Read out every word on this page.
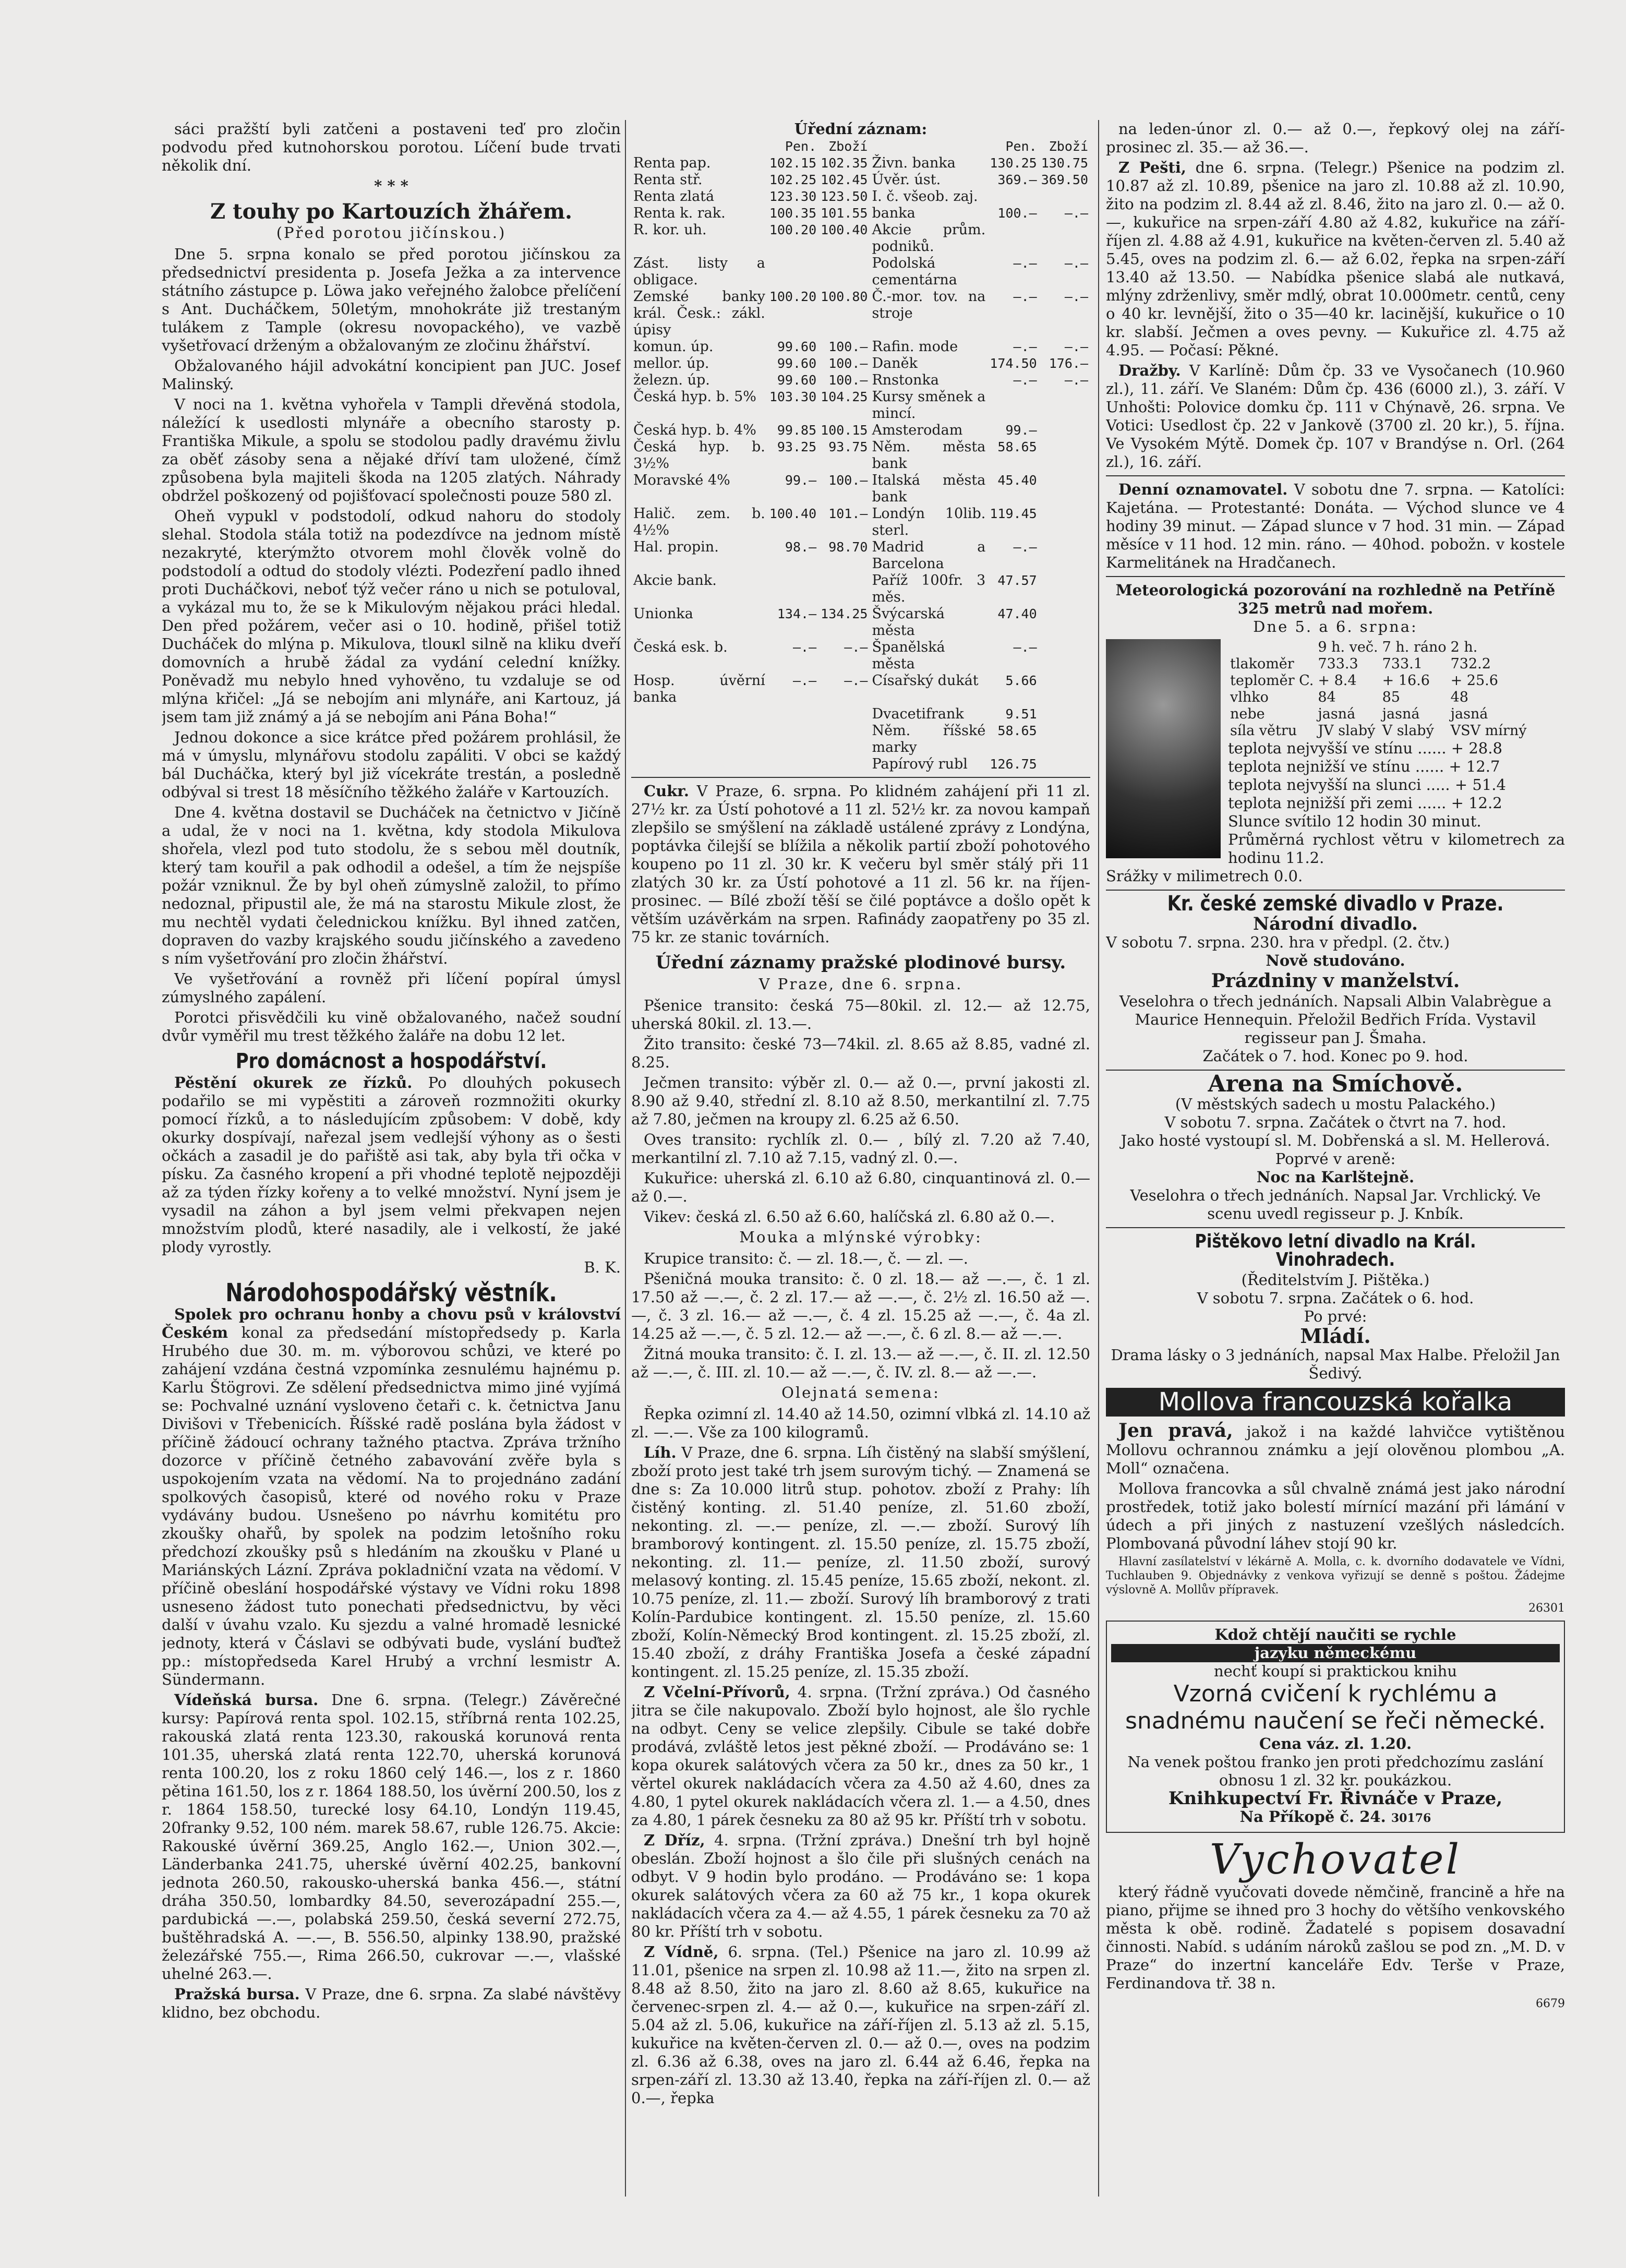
sáci pražští byli zatčeni a postaveni teď pro zločin podvodu před kutnohorskou porotou. Líčení bude trvati několik dní.

* * *
Z touhy po Kartouzích žhářem.
(Před porotou jičínskou.)

Dne 5. srpna konalo se před porotou jičínskou za předsednictví presidenta p. Josefa Ježka a za intervence státního zástupce p. Löwa jako veřejného žalobce přelíčení s Ant. Ducháčkem, 50letým, mnohokráte již trestaným tulákem z Tample (okresu novopackého), ve vazbě vyšetřovací drženým a obžalovaným ze zločinu žhářství.

Obžalovaného hájil advokátní koncipient pan JUC. Josef Malinský.

V noci na 1. května vyhořela v Tampli dřevěná stodola, náležící k usedlosti mlynáře a obecního starosty p. Františka Mikule, a spolu se stodolou padly dravému živlu za oběť zásoby sena a nějaké dříví tam uložené, čímž způsobena byla majiteli škoda na 1205 zlatých. Náhrady obdržel poškozený od pojišťovací společnosti pouze 580 zl.

Oheň vypukl v podstodolí, odkud nahoru do stodoly slehal. Stodola stála totiž na podezdívce na jednom místě nezakryté, kterýmžto otvorem mohl člověk volně do podstodolí a odtud do stodoly vlézti. Podezření padlo ihned proti Ducháčkovi, neboť týž večer ráno u nich se potuloval, a vykázal mu to, že se k Mikulovým nějakou práci hledal. Den před požárem, večer asi o 10. hodině, přišel totiž Ducháček do mlýna p. Mikulova, tlouкl silně na kliku dveří domovních a hrubě žádal za vydání celední knížky. Poněvadž mu nebylo hned vyhověno, tu vzdaluje se od mlýna křičel: „Já se nebojím ani mlynáře, ani Kartouz, já jsem tam již známý a já se nebojím ani Pána Boha!“

Jednou dokonce a sice krátce před požárem prohlásil, že má v úmyslu, mlynářovu stodolu zapáliti. V obci se každý bál Ducháčka, který byl již vícekráte trestán, a posledně odbýval si trest 18 měsíčního těžkého žaláře v Kartouzích.

Dne 4. května dostavil se Ducháček na četnictvo v Jičíně a udal, že v noci na 1. května, kdy stodola Mikulova shořela, vlezl pod tuto stodolu, že s sebou měl doutník, který tam kouřil a pak odhodil a odešel, a tím že nejspíše požár vzniknul. Že by byl oheň zúmyslně založil, to přímo nedoznal, připustil ale, že má na starostu Mikule zlost, že mu nechtěl vydati čelednickou knížku. Byl ihned zatčen, dopraven do vazby krajského soudu jičínského a zavedeno s ním vyšetřování pro zločin žhářství.

Ve vyšetřování a rovněž při líčení popíral úmysl zúmyslného zapálení.

Porotci přisvědčili ku vině obžalovaného, načež soudní dvůr vyměřil mu trest těžkého žaláře na dobu 12 let.

Pro domácnost a hospodářství.

Pěstění okurek ze řízků. Po dlouhých pokusech podařilo se mi vypěstiti a zároveň rozmnožiti okurky pomocí řízků, a to následujícím způsobem: V době, kdy okurky dospívají, nařezal jsem vedlejší výhony as o šesti očkách a zasadil je do pařiště asi tak, aby byla tři očka v písku. Za časného kropení a při vhodné teplotě nejpozději až za týden řízky kořeny a to velké množství. Nyní jsem je vysadil na záhon a byl jsem velmi překvapen nejen množstvím plodů, které nasadily, ale i velkostí, že jaké plody vyrostly.

B. K.
Národohospodářský věstník.

Spolek pro ochranu honby a chovu psů v království Českém konal za předsedání místopředsedy p. Karla Hrubého due 30. m. m. výborovou schůzi, ve které po zahájení vzdána čestná vzpomínka zesnulému hajnému p. Karlu Štögrovi. Ze sdělení předsednictva mimo jiné vyjímá se: Pochvalné uznání vysloveno četaři c. k. četnictva Janu Divišovi v Třebenicích. Říšské radě poslána byla žádost v příčině žádoucí ochrany tažného ptactva. Zpráva tržního dozorce v příčině četného zabavování zvěře byla s uspokojením vzata na vědomí. Na to projednáno zadání spolkových časopisů, které od nového roku v Praze vydávány budou. Usnešeno po návrhu komitétu pro zkoušky ohařů, by spolek na podzim letošního roku předchozí zkoušky psů s hledáním na zkoušku v Plané u Mariánských Lázní. Zpráva pokladniční vzata na vědomí. V příčině obeslání hospodářské výstavy ve Vídni roku 1898 usneseno žádost tuto ponechati předsednictvu, by věci další v úvahu vzalo. Ku sjezdu a valné hromadě lesnické jednoty, která v Čáslavi se odbývati bude, vyslání buďtež pp.: místopředseda Karel Hrubý a vrchní lesmistr A. Sündermann.

Vídeňská bursa. Dne 6. srpna. (Telegr.) Závěrečné kursy: Papírová renta spol. 102.15, stříbrná renta 102.25, rakouská zlatá renta 123.30, rakouská korunová renta 101.35, uherská zlatá renta 122.70, uherská korunová renta 100.20, los z roku 1860 celý 146.—, los z r. 1860 pětina 161.50, los z r. 1864 188.50, los úvěrní 200.50, los z r. 1864 158.50, turecké losy 64.10, Londýn 119.45, 20franky 9.52, 100 ném. marek 58.67, ruble 126.75. Akcie: Rakouské úvěrní 369.25, Anglo 162.—, Union 302.—, Länderbanka 241.75, uherské úvěrní 402.25, bankovní jednota 260.50, rakousko-uherská banka 456.—, státní dráha 350.50, lombardky 84.50, severozápadní 255.—, pardubická —.—, polabská 259.50, česká severní 272.75, buštěhradská A. —.—, B. 556.50, alpinky 138.90, pražské železářské 755.—, Rima 266.50, cukrovar —.—, vlašské uhelné 263.—.

Pražská bursa. V Praze, dne 6. srpna. Za slabé návštěvy klidno, bez obchodu.

Úřední záznam:
	Pen.	Zboží		Pen.	Zboží
Renta pap.	102.15	102.35	Živn. banka	130.25	130.75
Renta stř.	102.25	102.45	Úvěr. úst.	369.—	369.50
Renta zlatá	123.30	123.50	I. č. všeob. zaj.		
Renta k. rak.	100.35	101.55	banka	100.—	—.—
R. kor. uh.	100.20	100.40	Akcie prům. podniků.		
Zást. listy a obligace.			Podolská cementárna	—.—	—.—
Zemské banky král. Česk.: zákl. úpisy	100.20	100.80	Č.-mor. tov. na stroje	—.—	—.—
komun. úp.	99.60	100.—	Rafin. mode	—.—	—.—
mellor. úp.	99.60	100.—	Daněk	174.50	176.—
železn. úp.	99.60	100.—	Rnstonka	—.—	—.—
Česká hyp. b. 5%	103.30	104.25	Kursy směnek a mincí.		
Česká hyp. b. 4%	99.85	100.15	Amsterodam	99.—	
Česká hyp. b. 3½%	93.25	93.75	Něm. města bank	58.65	
Moravské 4%	99.—	100.—	Italská města bank	45.40	
Halič. zem. b. 4½%	100.40	101.—	Londýn 10lib. sterl.	119.45	
Hal. propin.	98.—	98.70	Madrid a Barcelona	—.—	
Akcie bank.			Paříž 100fr. 3 měs.	47.57	
Unionka	134.—	134.25	Švýcarská města	47.40	
Česká esk. b.	—.—	—.—	Španělská města	—.—	
Hosp. úvěrní banka	—.—	—.—	Císařský dukát	5.66	
			Dvacetifrank	9.51	
			Něm. říšské marky	58.65	
			Papírový rubl	126.75	

Cukr. V Praze, 6. srpna. Po klidném zahájení při 11 zl. 27½ kr. za Ústí pohotové a 11 zl. 52½ kr. za novou kampaň zlepšilo se smýšlení na základě ustálené zprávy z Londýna, poptávka čilejší se blížila a několik partií zboží pohotového koupeno po 11 zl. 30 kr. K večeru byl směr stálý při 11 zlatých 30 kr. za Ústí pohotové a 11 zl. 56 kr. na říjen-prosinec. — Bílé zboží těší se čilé poptávce a došlo opět k větším uzávěrkám na srpen. Rafinády zaopatřeny po 35 zl. 75 kr. ze stanic továrních.

Úřední záznamy pražské plodinové bursy.
V Praze, dne 6. srpna.

Pšenice transito: česká 75—80kil. zl. 12.— až 12.75, uherská 80kil. zl. 13.—.

Žito transito: české 73—74kil. zl. 8.65 až 8.85, vadné zl. 8.25.

Ječmen transito: výběr zl. 0.— až 0.—, první jakosti zl. 8.90 až 9.40, střední zl. 8.10 až 8.50, merkantilní zl. 7.75 až 7.80, ječmen na kroupy zl. 6.25 až 6.50.

Oves transito: rychlík zl. 0.— , bílý zl. 7.20 až 7.40, merkantilní zl. 7.10 až 7.15, vadný zl. 0.—.

Kukuřice: uherská zl. 6.10 až 6.80, cinquantinová zl. 0.— až 0.—.

Vikev: česká zl. 6.50 až 6.60, halíčská zl. 6.80 až 0.—.

Mouka a mlýnské výrobky:

Krupice transito: č. — zl. 18.—, č. — zl. —.

Pšeničná mouka transito: č. 0 zl. 18.— až —.—, č. 1 zl. 17.50 až —.—, č. 2 zl. 17.— až —.—, č. 2½ zl. 16.50 až —.—, č. 3 zl. 16.— až —.—, č. 4 zl. 15.25 až —.—, č. 4a zl. 14.25 až —.—, č. 5 zl. 12.— až —.—, č. 6 zl. 8.— až —.—.

Žitná mouka transito: č. I. zl. 13.— až —.—, č. II. zl. 12.50 až —.—, č. III. zl. 10.— až —.—, č. IV. zl. 8.— až —.—.

Olejnatá semena:

Řepka ozimní zl. 14.40 až 14.50, ozimní vlbká zl. 14.10 až zl. —.—. Vše za 100 kilogramů.

Líh. V Praze, dne 6. srpna. Líh čistěný na slabší smýšlení, zboží proto jest také trh jsem surovým tichý. — Znamená se dne s: Za 10.000 litrů stup. pohotov. zboží z Prahy: líh čistěný konting. zl. 51.40 peníze, zl. 51.60 zboží, nekonting. zl. —.— peníze, zl. —.— zboží. Surový líh bramborový kontingent. zl. 15.50 peníze, zl. 15.75 zboží, nekonting. zl. 11.— peníze, zl. 11.50 zboží, surový melasový konting. zl. 15.45 peníze, 15.65 zboží, nekont. zl. 10.75 peníze, zl. 11.— zboží. Surový líh bramborový z trati Kolín-Pardubice kontingent. zl. 15.50 peníze, zl. 15.60 zboží, Kolín-Německý Brod kontingent. zl. 15.25 zboží, zl. 15.40 zboží, z dráhy Františka Josefa a české západní kontingent. zl. 15.25 peníze, zl. 15.35 zboží.

Z Včelní-Přívorů, 4. srpna. (Tržní zpráva.) Od časného jitra se čile nakupovalo. Zboží bylo hojnost, ale šlo rychle na odbyt. Ceny se velice zlepšily. Cibule se také dobře prodává, zvláště letos jest pěkné zboží. — Prodáváno se: 1 kopa okurek salátových včera za 50 kr., dnes za 50 kr., 1 věrtel okurek nakládacích včera za 4.50 až 4.60, dnes za 4.80, 1 pytel okurek nakládacích včera zl. 1.— a 4.50, dnes za 4.80, 1 párek česneku za 80 až 95 kr. Příští trh v sobotu.

Z Dříz, 4. srpna. (Tržní zpráva.) Dnešní trh byl hojně obeslán. Zboží hojnost a šlo čile při slušných cenách na odbyt. V 9 hodin bylo prodáno. — Prodáváno se: 1 kopa okurek salátových včera za 60 až 75 kr., 1 kopa okurek nakládacích včera za 4.— až 4.55, 1 párek česneku za 70 až 80 kr. Příští trh v sobotu.

Z Vídně, 6. srpna. (Tel.) Pšenice na jaro zl. 10.99 až 11.01, pšenice na srpen zl. 10.98 až 11.—, žito na srpen zl. 8.48 až 8.50, žito na jaro zl. 8.60 až 8.65, kukuřice na červenec-srpen zl. 4.— až 0.—, kukuřice na srpen-září zl. 5.04 až zl. 5.06, kukuřice na září-říjen zl. 5.13 až zl. 5.15, kukuřice na květen-červen zl. 0.— až 0.—, oves na podzim zl. 6.36 až 6.38, oves na jaro zl. 6.44 až 6.46, řepka na srpen-září zl. 13.30 až 13.40, řepka na září-říjen zl. 0.— až 0.—, řepka

na leden-únor zl. 0.— až 0.—, řepkový olej na září-prosinec zl. 35.— až 36.—.

Z Pešti, dne 6. srpna. (Telegr.) Pšenice na podzim zl. 10.87 až zl. 10.89, pšenice na jaro zl. 10.88 až zl. 10.90, žito na podzim zl. 8.44 až zl. 8.46, žito na jaro zl. 0.— až 0.—, kukuřice na srpen-září 4.80 až 4.82, kukuřice na září-říjen zl. 4.88 až 4.91, kukuřice na květen-červen zl. 5.40 až 5.45, oves na podzim zl. 6.— až 6.02, řepka na srpen-září 13.40 až 13.50. — Nabídka pšenice slabá ale nutkavá, mlýny zdrženlivy, směr mdlý, obrat 10.000metr. centů, ceny o 40 kr. levnější, žito o 35—40 kr. lacinější, kukuřice o 10 kr. slabší. Ječmen a oves pevny. — Kukuřice zl. 4.75 až 4.95. — Počasí: Pěkné.

Dražby. V Karlíně: Dům čp. 33 ve Vysočanech (10.960 zl.), 11. září. Ve Slaném: Dům čp. 436 (6000 zl.), 3. září. V Unhošti: Polovice domku čp. 111 v Chýnavě, 26. srpna. Ve Votici: Usedlost čp. 22 v Jankově (3700 zl. 20 kr.), 5. října. Ve Vysokém Mýtě. Domek čp. 107 v Brandýse n. Orl. (264 zl.), 16. září.

Denní oznamovatel. V sobotu dne 7. srpna. — Katolíci: Kajetána. — Protestanté: Donáta. — Východ slunce ve 4 hodiny 39 minut. — Západ slunce v 7 hod. 31 min. — Západ měsíce v 11 hod. 12 min. ráno. — 40hod. pobožn. v kostele Karmelitánek na Hradčanech.

Meteorologická pozorování na rozhledně na Petříně 325 metrů nad mořem.
Dne 5. a 6. srpna:
	9 h. več.	7 h. ráno	2 h.
tlakoměr	733.3	733.1	732.2
teploměr C.	+ 8.4	+ 16.6	+ 25.6
vlhko	84	85	48
nebe	jasná	jasná	jasná
síla větru	JV slabý	V slabý	VSV mírný
teplota nejvyšší ve stínu ...... + 28.8
teplota nejnižší ve stínu ...... + 12.7
teplota nejvyšší na slunci ..... + 51.4
teplota nejnižší při zemi ...... + 12.2
Slunce svítilo 12 hodin 30 minut.
Průměrná rychlost větru v kilometrech za hodinu 11.2.
Srážky v milimetrech 0.0.
Kr. české zemské divadlo v Praze.
Národní divadlo.
V sobotu 7. srpna. 230. hra v předpl. (2. čtv.)
Nově studováno.
Prázdniny v manželství.
Veselohra o třech jednáních. Napsali Albin Valabrègue a Maurice Hennequin. Přeložil Bedřich Frída. Vystavil regisseur pan J. Šmaha.
Začátek o 7. hod. Konec po 9. hod.
Arena na Smíchově.
(V městských sadech u mostu Palackého.)
V sobotu 7. srpna. Začátek o čtvrt na 7. hod.
Jako hosté vystoupí sl. M. Dobřenská a sl. M. Hellerová. Poprvé v areně:
Noc na Karlštejně.
Veselohra o třech jednáních. Napsal Jar. Vrchlický. Ve scenu uvedl regisseur p. J. Knbík.
Pištěkovo letní divadlo na Král. Vinohradech.
(Ředitelstvím J. Pištěka.)
V sobotu 7. srpna. Začátek o 6. hod.
Po prvé:
Mládí.
Drama lásky o 3 jednáních, napsal Max Halbe. Přeložil Jan Šedivý.
Mollova francouzská kořalka

Jen pravá, jakož i na každé lahvičce vytištěnou Mollovu ochrannou známku a její olověnou plombou „A. Moll“ označena.

Mollova francovka a sůl chvalně známá jest jako národní prostředek, totiž jako bolestí mírnící mazání při lámání v údech a při jiných z nastuzení vzešlých následcích. Plombovaná původní láhev stojí 90 kr.

Hlavní zasílatelství v lékárně A. Molla, c. k. dvorního dodavatele ve Vídni, Tuchlauben 9. Objednávky z venkova vyřizují se denně s poštou. Žádejme výslovně A. Mollův přípravek.

26301
Kdož chtějí naučiti se rychle
jazyku německému
nechť koupí si praktickou knihu
Vzorná cvičení k rychlému a snadnému naučení se řeči německé.
Cena váz. zl. 1.20.
Na venek poštou franko jen proti předchozímu zaslání obnosu 1 zl. 32 kr. poukázkou.
Knihkupectví Fr. Řivnáče v Praze,
Na Příkopě č. 24. 30176
Vychovatel

který řádně vyučovati dovede němčině, francině a hře na piano, přijme se ihned pro 3 hochy do většího venkovského města k obě. rodině. Žadatelé s popisem dosavadní činnosti. Nabíd. s udáním nároků zašlou se pod zn. „M. D. v Praze“ do inzertní kanceláře Edv. Terše v Praze, Ferdinandova tř. 38 n.

6679
